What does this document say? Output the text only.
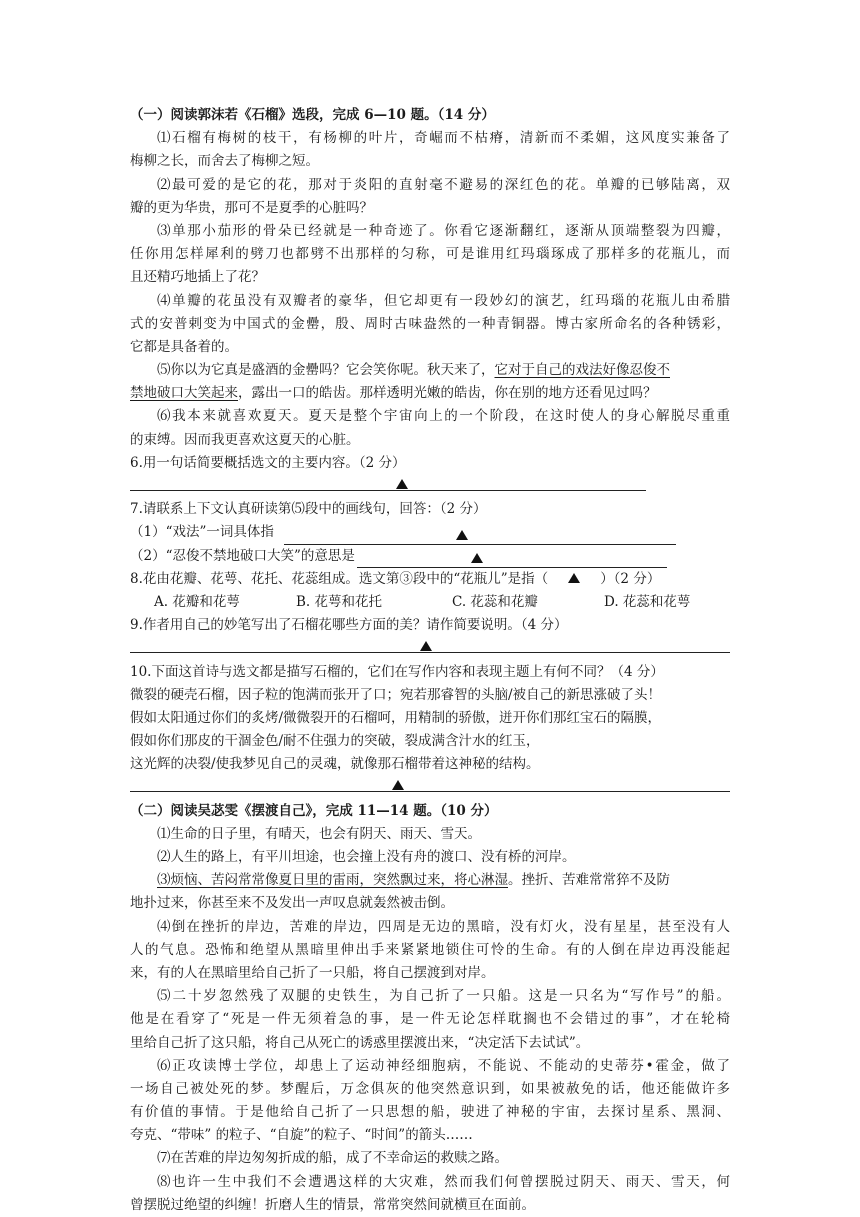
（一）阅读郭沫若《石榴》选段，完成 6—10 题。（14 分）
⑴石榴有梅树的枝干，有杨柳的叶片，奇崛而不枯瘠，清新而不柔媚，这风度实兼备了
梅柳之长，而舍去了梅柳之短。
⑵最可爱的是它的花，那对于炎阳的直射毫不避易的深红色的花。单瓣的已够陆离，双
瓣的更为华贵，那可不是夏季的心脏吗？
⑶单那小茄形的骨朵已经就是一种奇迹了。你看它逐渐翻红，逐渐从顶端整裂为四瓣，
任你用怎样犀利的劈刀也都劈不出那样的匀称，可是谁用红玛瑙琢成了那样多的花瓶儿，而
且还精巧地插上了花？
⑷单瓣的花虽没有双瓣者的豪华，但它却更有一段妙幻的演艺，红玛瑙的花瓶儿由希腊
式的安普剌变为中国式的金罍，殷、周时古味盎然的一种青铜器。博古家所命名的各种锈彩，
它都是具备着的。
⑸你以为它真是盛酒的金罍吗？它会笑你呢。秋天来了，它对于自己的戏法好像忍俊不
禁地破口大笑起来，露出一口的皓齿。那样透明光嫩的皓齿，你在别的地方还看见过吗？
⑹我本来就喜欢夏天。夏天是整个宇宙向上的一个阶段，在这时使人的身心解脱尽重重
的束缚。因而我更喜欢这夏天的心脏。
6.用一句话简要概括选文的主要内容。（2 分）
7.请联系上下文认真研读第⑸段中的画线句，回答：（2 分）
（1）“戏法”一词具体指
（2）“忍俊不禁地破口大笑”的意思是
8.花由花瓣、花萼、花托、花蕊组成。选文第③段中的“花瓶儿”是指（	）（2 分）
A. 花瓣和花萼	B. 花萼和花托	C. 花蕊和花瓣	D. 花蕊和花萼
9.作者用自己的妙笔写出了石榴花哪些方面的美？请作简要说明。（4 分）
10.下面这首诗与选文都是描写石榴的，它们在写作内容和表现主题上有何不同？（4 分）
微裂的硬壳石榴，因子粒的饱满而张开了口；宛若那睿智的头脑/被自己的新思涨破了头！
假如太阳通过你们的炙烤/微微裂开的石榴呵，用精制的骄傲，迸开你们那红宝石的隔膜，
假如你们那皮的干涸金色/耐不住强力的突破，裂成满含汁水的红玉，
这光辉的决裂/使我梦见自己的灵魂，就像那石榴带着这神秘的结构。
（二）阅读吴苾雯《摆渡自己》，完成 11—14 题。（10 分）
⑴生命的日子里，有晴天，也会有阴天、雨天、雪天。
⑵人生的路上，有平川坦途，也会撞上没有舟的渡口、没有桥的河岸。
⑶烦恼、苦闷常常像夏日里的雷雨，突然飘过来，将心淋湿。挫折、苦难常常猝不及防
地扑过来，你甚至来不及发出一声叹息就轰然被击倒。
⑷倒在挫折的岸边，苦难的岸边，四周是无边的黑暗，没有灯火，没有星星，甚至没有人
人的气息。恐怖和绝望从黑暗里伸出手来紧紧地锁住可怜的生命。有的人倒在岸边再没能起
来，有的人在黑暗里给自己折了一只船，将自己摆渡到对岸。
⑸二十岁忽然残了双腿的史铁生，为自己折了一只船。这是一只名为“写作号”的船。
他是在看穿了“死是一件无须着急的事，是一件无论怎样耽搁也不会错过的事”，才在轮椅
里给自己折了这只船，将自己从死亡的诱惑里摆渡出来，“决定活下去试试”。
⑹正攻读博士学位，却患上了运动神经细胞病，不能说、不能动的史蒂芬•霍金，做了
一场自己被处死的梦。梦醒后，万念俱灰的他突然意识到，如果被赦免的话，他还能做许多
有价值的事情。于是他给自己折了一只思想的船，驶进了神秘的宇宙，去探讨星系、黑洞、
夸克、“带味” 的粒子、“自旋”的粒子、“时间”的箭头……
⑺在苦难的岸边匆匆折成的船，成了不幸命运的救赎之路。
⑻也许一生中我们不会遭遇这样的大灾难，然而我们何曾摆脱过阴天、雨天、雪天，何
曾摆脱过绝望的纠缠！折磨人生的情景，常常突然间就横亘在面前。
